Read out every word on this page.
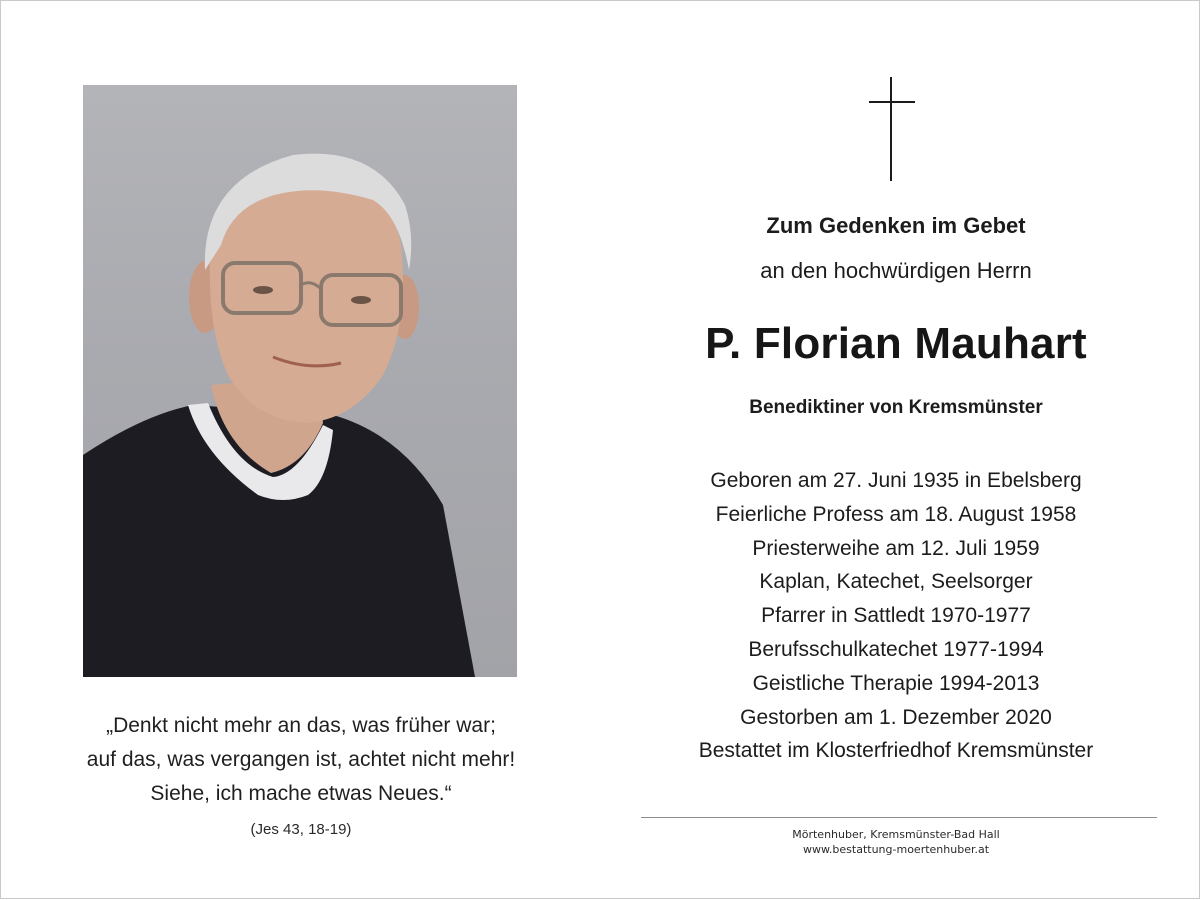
„Denkt nicht mehr an das, was früher war;
auf das, was vergangen ist, achtet nicht mehr!
Siehe, ich mache etwas Neues.“
(Jes 43, 18-19)
Zum Gedenken im Gebet
an den hochwürdigen Herrn
P. Florian Mauhart
Benediktiner von Kremsmünster
Geboren am 27. Juni 1935 in Ebelsberg
Feierliche Profess am 18. August 1958
Priesterweihe am 12. Juli 1959
Kaplan, Katechet, Seelsorger
Pfarrer in Sattledt 1970-1977
Berufsschulkatechet 1977-1994
Geistliche Therapie 1994-2013
Gestorben am 1. Dezember 2020
Bestattet im Klosterfriedhof Kremsmünster
Mörtenhuber, Kremsmünster-Bad Hall
www.bestattung-moertenhuber.at
